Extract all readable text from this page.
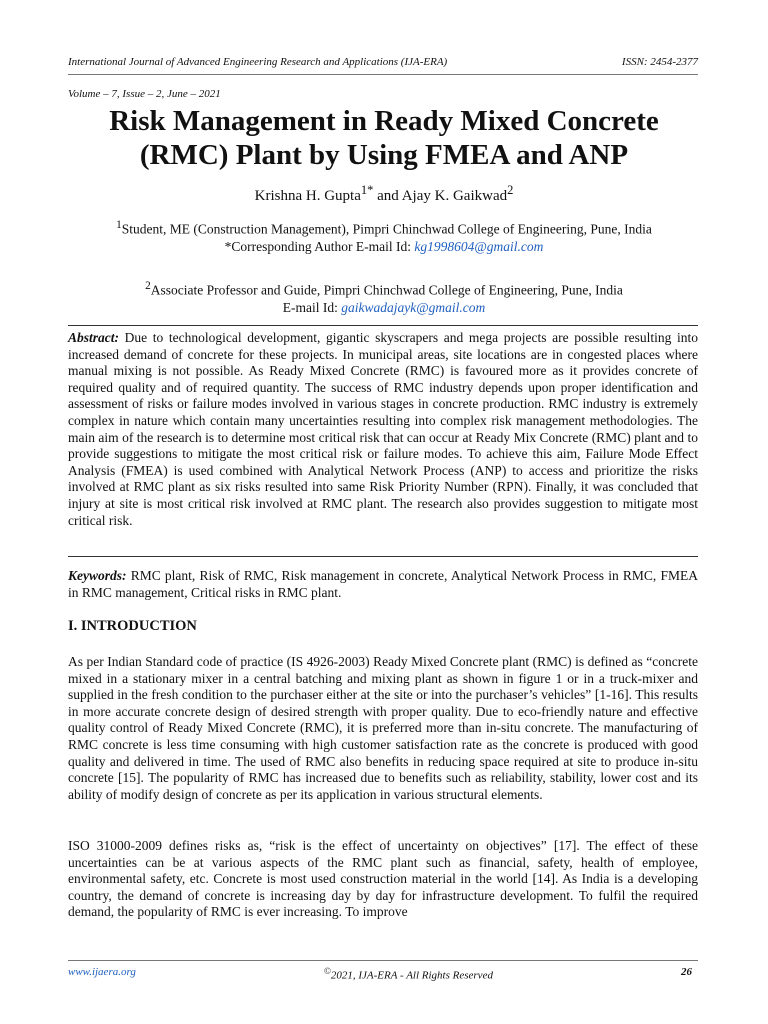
International Journal of Advanced Engineering Research and Applications (IJA-ERA)	ISSN: 2454-2377
Volume – 7, Issue – 2, June – 2021
Risk Management in Ready Mixed Concrete
(RMC) Plant by Using FMEA and ANP
Krishna H. Gupta$^{1*}$ and Ajay K. Gaikwad$^2$
$^1$Student, ME (Construction Management), Pimpri Chinchwad College of Engineering, Pune, India
*Corresponding Author E-mail Id: kg1998604@gmail.com
$^2$Associate Professor and Guide, Pimpri Chinchwad College of Engineering, Pune, India
E-mail Id: gaikwadajayk@gmail.com

Abstract: Due to technological development, gigantic skyscrapers and mega projects are possible resulting into increased demand of concrete for these projects. In municipal areas, site locations are in congested places where manual mixing is not possible. As Ready Mixed Concrete (RMC) is favoured more as it provides concrete of required quality and of required quantity. The success of RMC industry depends upon proper identification and assessment of risks or failure modes involved in various stages in concrete production. RMC industry is extremely complex in nature which contain many uncertainties resulting into complex risk management methodologies. The main aim of the research is to determine most critical risk that can occur at Ready Mix Concrete (RMC) plant and to provide suggestions to mitigate the most critical risk or failure modes. To achieve this aim, Failure Mode Effect Analysis (FMEA) is used combined with Analytical Network Process (ANP) to access and prioritize the risks involved at RMC plant as six risks resulted into same Risk Priority Number (RPN). Finally, it was concluded that injury at site is most critical risk involved at RMC plant. The research also provides suggestion to mitigate most critical risk.

Keywords: RMC plant, Risk of RMC, Risk management in concrete, Analytical Network Process in RMC, FMEA in RMC management, Critical risks in RMC plant.

I. INTRODUCTION

As per Indian Standard code of practice (IS 4926-2003) Ready Mixed Concrete plant (RMC) is defined as “concrete mixed in a stationary mixer in a central batching and mixing plant as shown in figure 1 or in a truck-mixer and supplied in the fresh condition to the purchaser either at the site or into the purchaser’s vehicles” [1-16]. This results in more accurate concrete design of desired strength with proper quality. Due to eco-friendly nature and effective quality control of Ready Mixed Concrete (RMC), it is preferred more than in-situ concrete. The manufacturing of RMC concrete is less time consuming with high customer satisfaction rate as the concrete is produced with good quality and delivered in time. The used of RMC also benefits in reducing space required at site to produce in-situ concrete [15]. The popularity of RMC has increased due to benefits such as reliability, stability, lower cost and its ability of modify design of concrete as per its application in various structural elements.

ISO 31000-2009 defines risks as, “risk is the effect of uncertainty on objectives” [17]. The effect of these uncertainties can be at various aspects of the RMC plant such as financial, safety, health of employee, environmental safety, etc. Concrete is most used construction material in the world [14]. As India is a developing country, the demand of concrete is increasing day by day for infrastructure development. To fulfil the required demand, the popularity of RMC is ever increasing. To improve

www.ijaera.org	©2021, IJA-ERA - All Rights Reserved	26
